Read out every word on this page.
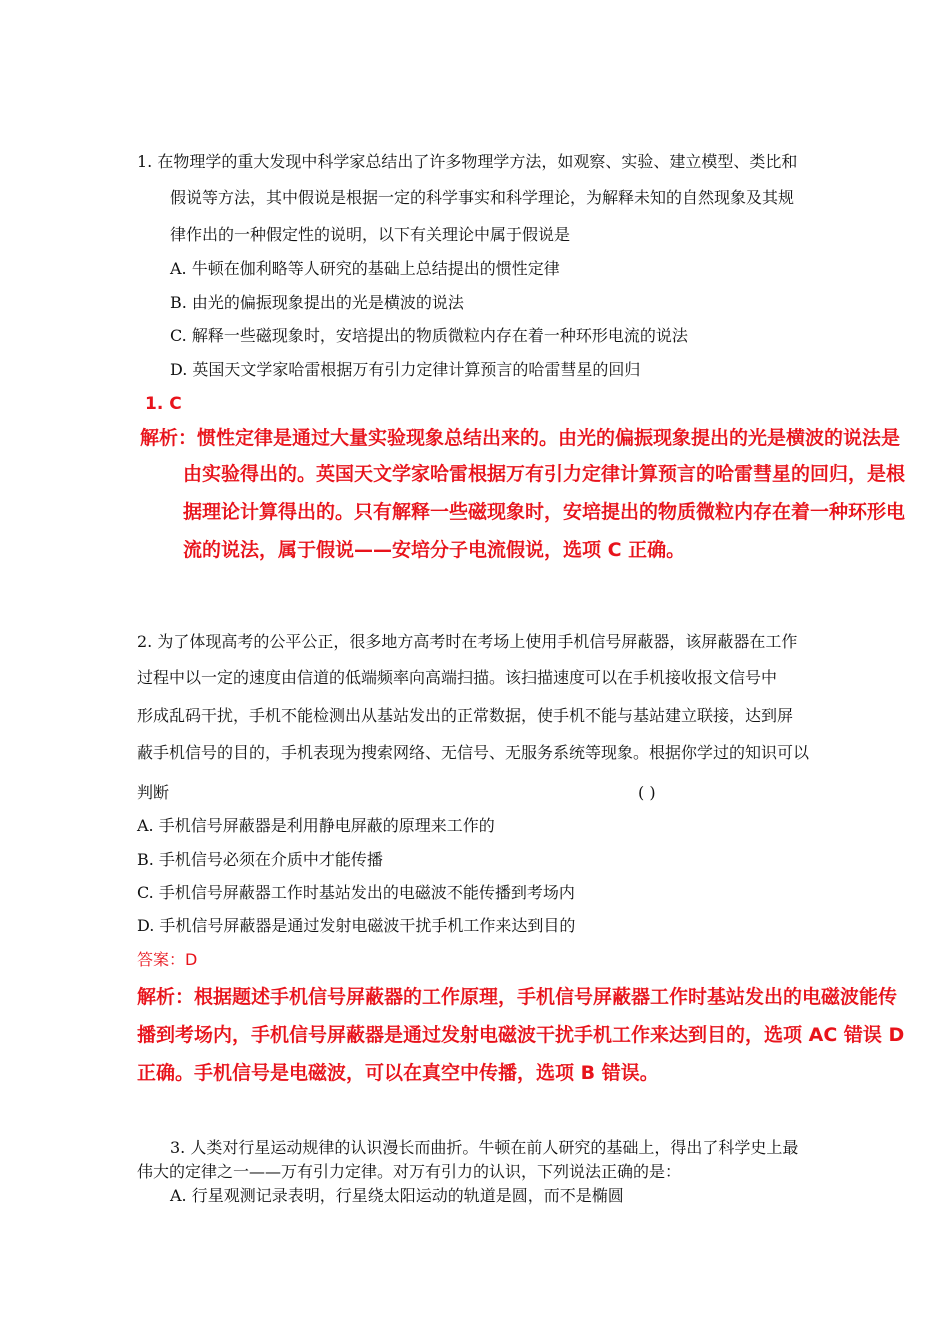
1. 在物理学的重大发现中科学家总结出了许多物理学方法，如观察、实验、建立模型、类比和
假说等方法，其中假说是根据一定的科学事实和科学理论，为解释未知的自然现象及其规
律作出的一种假定性的说明，以下有关理论中属于假说是
A. 牛顿在伽利略等人研究的基础上总结提出的惯性定律
B. 由光的偏振现象提出的光是横波的说法
C. 解释一些磁现象时，安培提出的物质微粒内存在着一种环形电流的说法
D. 英国天文学家哈雷根据万有引力定律计算预言的哈雷彗星的回归
1. C
解析：惯性定律是通过大量实验现象总结出来的。由光的偏振现象提出的光是横波的说法是
由实验得出的。英国天文学家哈雷根据万有引力定律计算预言的哈雷彗星的回归，是根
据理论计算得出的。只有解释一些磁现象时，安培提出的物质微粒内存在着一种环形电
流的说法，属于假说——安培分子电流假说，选项 C 正确。
2. 为了体现高考的公平公正，很多地方高考时在考场上使用手机信号屏蔽器，该屏蔽器在工作
过程中以一定的速度由信道的低端频率向高端扫描。该扫描速度可以在手机接收报文信号中
形成乱码干扰，手机不能检测出从基站发出的正常数据，使手机不能与基站建立联接，达到屏
蔽手机信号的目的，手机表现为搜索网络、无信号、无服务系统等现象。根据你学过的知识可以
判断	( )
A. 手机信号屏蔽器是利用静电屏蔽的原理来工作的
B. 手机信号必须在介质中才能传播
C. 手机信号屏蔽器工作时基站发出的电磁波不能传播到考场内
D. 手机信号屏蔽器是通过发射电磁波干扰手机工作来达到目的
答案：D
解析：根据题述手机信号屏蔽器的工作原理，手机信号屏蔽器工作时基站发出的电磁波能传
播到考场内，手机信号屏蔽器是通过发射电磁波干扰手机工作来达到目的，选项 AC 错误 D
正确。手机信号是电磁波，可以在真空中传播，选项 B 错误。
3. 人类对行星运动规律的认识漫长而曲折。牛顿在前人研究的基础上，得出了科学史上最
伟大的定律之一——万有引力定律。对万有引力的认识，下列说法正确的是：
A. 行星观测记录表明，行星绕太阳运动的轨道是圆，而不是椭圆
